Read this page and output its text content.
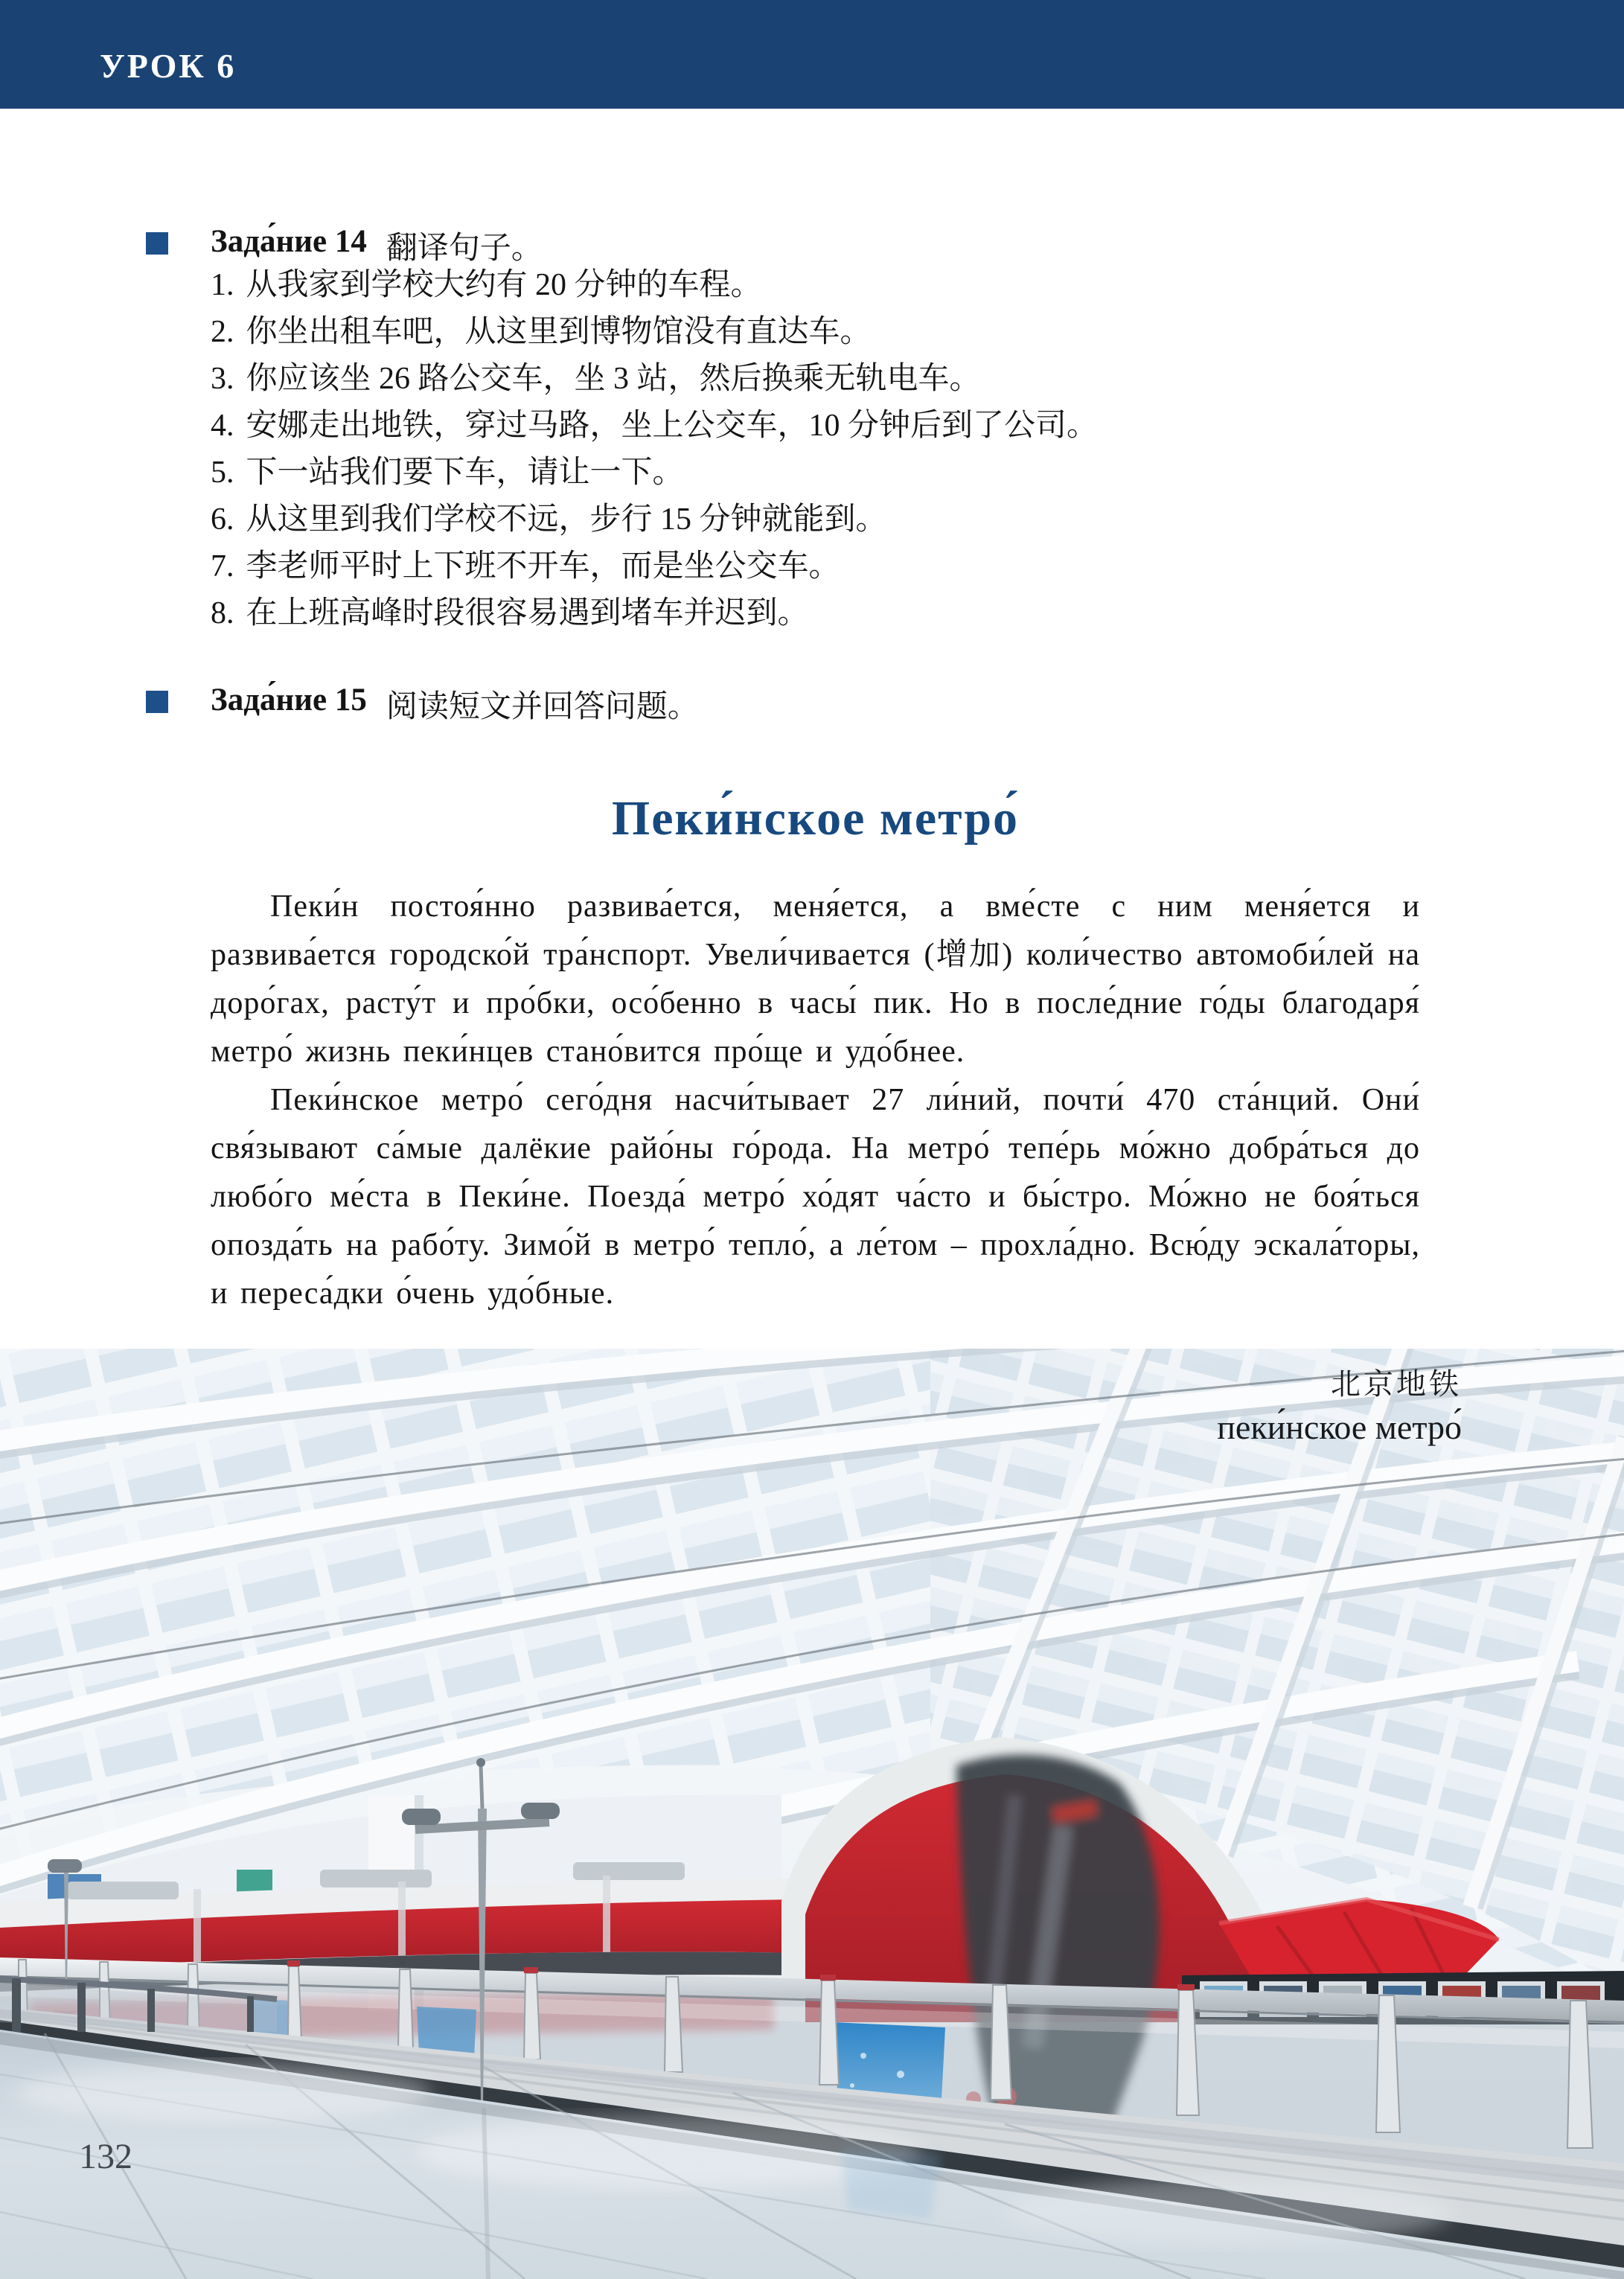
УРОК 6
Зада́ние 14 翻译句子。
1. 从我家到学校大约有 20 分钟的车程。
2. 你坐出租车吧，从这里到博物馆没有直达车。
3. 你应该坐 26 路公交车，坐 3 站，然后换乘无轨电车。
4. 安娜走出地铁，穿过马路，坐上公交车，10 分钟后到了公司。
5. 下一站我们要下车，请让一下。
6. 从这里到我们学校不远，步行 15 分钟就能到。
7. 李老师平时上下班不开车，而是坐公交车。
8. 在上班高峰时段很容易遇到堵车并迟到。
Зада́ние 15 阅读短文并回答问题。
Пеки́нское метро́

Пеки́н постоя́нно развива́ется, меня́ется, а вме́сте с ним меня́ется и развива́ется городско́й тра́нспорт. Увели́чивается (增加) коли́чество автомоби́лей на доро́гах, расту́т и про́бки, осо́бенно в часы́ пик. Но в после́дние го́ды благодаря́ метро́ жизнь пеки́нцев стано́вится про́ще и удо́бнее.

Пеки́нское метро́ сего́дня насчи́тывает 27 ли́ний, почти́ 470 ста́нций. Они́ свя́зывают са́мые далёкие райо́ны го́рода. На метро́ тепе́рь мо́жно добра́ться до любо́го ме́ста в Пеки́не. Поезда́ метро́ хо́дят ча́сто и бы́стро. Мо́жно не боя́ться опозда́ть на рабо́ту. Зимо́й в метро́ тепло́, а ле́том – прохла́дно. Всю́ду эскала́торы, и переса́дки о́чень удо́бные.

北京地铁
пеки́нское метро́
132
